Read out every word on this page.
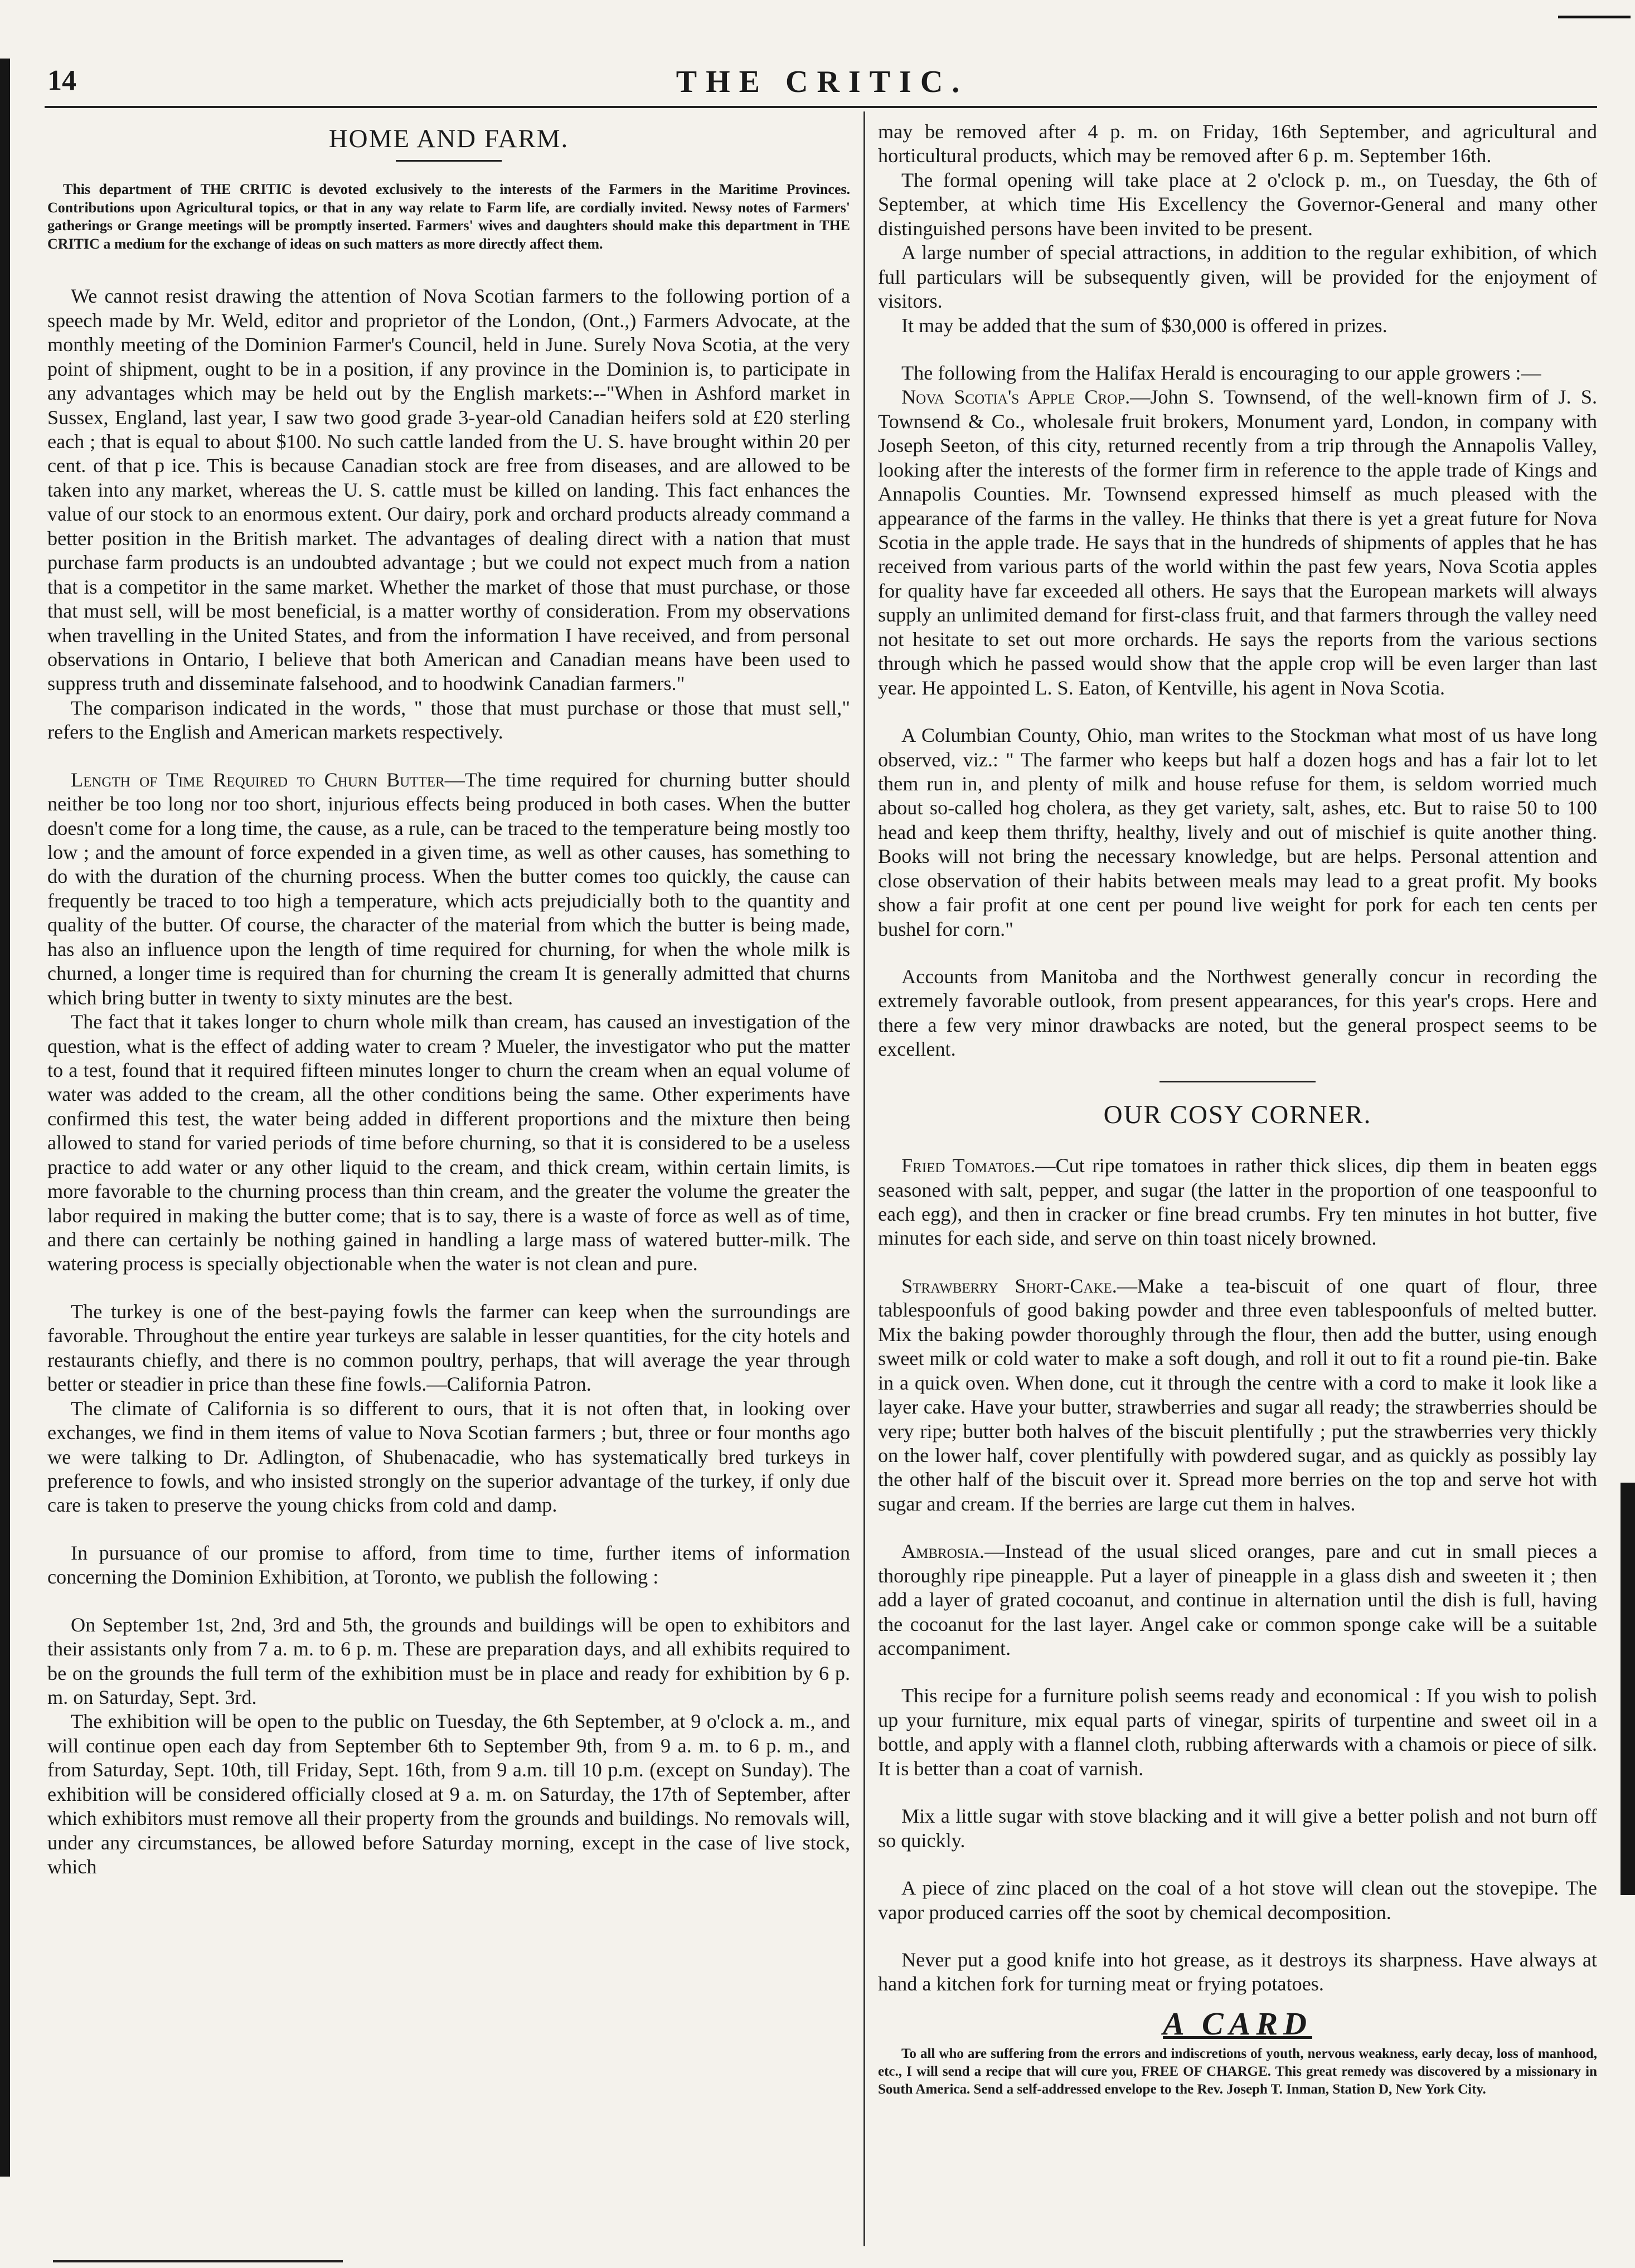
14	THE CRITIC.
HOME AND FARM.

This department of THE CRITIC is devoted exclusively to the interests of the Farmers in the Maritime Provinces. Contributions upon Agricultural topics, or that in any way relate to Farm life, are cordially invited. Newsy notes of Farmers' gatherings or Grange meetings will be promptly inserted. Farmers' wives and daughters should make this department in THE CRITIC a medium for the exchange of ideas on such matters as more directly affect them.

We cannot resist drawing the attention of Nova Scotian farmers to the following portion of a speech made by Mr. Weld, editor and proprietor of the London, (Ont.,) Farmers Advocate, at the monthly meeting of the Dominion Farmer's Council, held in June. Surely Nova Scotia, at the very point of shipment, ought to be in a position, if any province in the Dominion is, to participate in any advantages which may be held out by the English markets:--"When in Ashford market in Sussex, England, last year, I saw two good grade 3-year-old Canadian heifers sold at £20 sterling each ; that is equal to about $100. No such cattle landed from the U. S. have brought within 20 per cent. of that p ice. This is because Canadian stock are free from diseases, and are allowed to be taken into any market, whereas the U. S. cattle must be killed on landing. This fact enhances the value of our stock to an enormous extent. Our dairy, pork and orchard products already command a better position in the British market. The advantages of dealing direct with a nation that must purchase farm products is an undoubted advantage ; but we could not expect much from a nation that is a competitor in the same market. Whether the market of those that must purchase, or those that must sell, will be most beneficial, is a matter worthy of consideration. From my observations when travelling in the United States, and from the information I have received, and from personal observations in Ontario, I believe that both American and Canadian means have been used to suppress truth and disseminate falsehood, and to hoodwink Canadian farmers."

The comparison indicated in the words, " those that must purchase or those that must sell," refers to the English and American markets respectively.

Length of Time Required to Churn Butter—The time required for churning butter should neither be too long nor too short, injurious effects being produced in both cases. When the butter doesn't come for a long time, the cause, as a rule, can be traced to the temperature being mostly too low ; and the amount of force expended in a given time, as well as other causes, has something to do with the duration of the churning process. When the butter comes too quickly, the cause can frequently be traced to too high a temperature, which acts prejudicially both to the quantity and quality of the butter. Of course, the character of the material from which the butter is being made, has also an influence upon the length of time required for churning, for when the whole milk is churned, a longer time is required than for churning the cream It is generally admitted that churns which bring butter in twenty to sixty minutes are the best.

The fact that it takes longer to churn whole milk than cream, has caused an investigation of the question, what is the effect of adding water to cream ? Mueler, the investigator who put the matter to a test, found that it required fifteen minutes longer to churn the cream when an equal volume of water was added to the cream, all the other conditions being the same. Other experiments have confirmed this test, the water being added in different proportions and the mixture then being allowed to stand for varied periods of time before churning, so that it is considered to be a useless practice to add water or any other liquid to the cream, and thick cream, within certain limits, is more favorable to the churning process than thin cream, and the greater the volume the greater the labor required in making the butter come; that is to say, there is a waste of force as well as of time, and there can certainly be nothing gained in handling a large mass of watered butter-milk. The watering process is specially objectionable when the water is not clean and pure.

The turkey is one of the best-paying fowls the farmer can keep when the surroundings are favorable. Throughout the entire year turkeys are salable in lesser quantities, for the city hotels and restaurants chiefly, and there is no common poultry, perhaps, that will average the year through better or steadier in price than these fine fowls.—California Patron.

The climate of California is so different to ours, that it is not often that, in looking over exchanges, we find in them items of value to Nova Scotian farmers ; but, three or four months ago we were talking to Dr. Adlington, of Shubenacadie, who has systematically bred turkeys in preference to fowls, and who insisted strongly on the superior advantage of the turkey, if only due care is taken to preserve the young chicks from cold and damp.

In pursuance of our promise to afford, from time to time, further items of information concerning the Dominion Exhibition, at Toronto, we publish the following :

On September 1st, 2nd, 3rd and 5th, the grounds and buildings will be open to exhibitors and their assistants only from 7 a. m. to 6 p. m. These are preparation days, and all exhibits required to be on the grounds the full term of the exhibition must be in place and ready for exhibition by 6 p. m. on Saturday, Sept. 3rd.

The exhibition will be open to the public on Tuesday, the 6th September, at 9 o'clock a. m., and will continue open each day from September 6th to September 9th, from 9 a. m. to 6 p. m., and from Saturday, Sept. 10th, till Friday, Sept. 16th, from 9 a.m. till 10 p.m. (except on Sunday). The exhibition will be considered officially closed at 9 a. m. on Saturday, the 17th of September, after which exhibitors must remove all their property from the grounds and buildings. No removals will, under any circumstances, be allowed before Saturday morning, except in the case of live stock, which

may be removed after 4 p. m. on Friday, 16th September, and agricultural and horticultural products, which may be removed after 6 p. m. September 16th.

The formal opening will take place at 2 o'clock p. m., on Tuesday, the 6th of September, at which time His Excellency the Governor-General and many other distinguished persons have been invited to be present.

A large number of special attractions, in addition to the regular exhibition, of which full particulars will be subsequently given, will be provided for the enjoyment of visitors.

It may be added that the sum of $30,000 is offered in prizes.

The following from the Halifax Herald is encouraging to our apple growers :—

Nova Scotia's Apple Crop.—John S. Townsend, of the well-known firm of J. S. Townsend & Co., wholesale fruit brokers, Monument yard, London, in company with Joseph Seeton, of this city, returned recently from a trip through the Annapolis Valley, looking after the interests of the former firm in reference to the apple trade of Kings and Annapolis Counties. Mr. Townsend expressed himself as much pleased with the appearance of the farms in the valley. He thinks that there is yet a great future for Nova Scotia in the apple trade. He says that in the hundreds of shipments of apples that he has received from various parts of the world within the past few years, Nova Scotia apples for quality have far exceeded all others. He says that the European markets will always supply an unlimited demand for first-class fruit, and that farmers through the valley need not hesitate to set out more orchards. He says the reports from the various sections through which he passed would show that the apple crop will be even larger than last year. He appointed L. S. Eaton, of Kentville, his agent in Nova Scotia.

A Columbian County, Ohio, man writes to the Stockman what most of us have long observed, viz.: " The farmer who keeps but half a dozen hogs and has a fair lot to let them run in, and plenty of milk and house refuse for them, is seldom worried much about so-called hog cholera, as they get variety, salt, ashes, etc. But to raise 50 to 100 head and keep them thrifty, healthy, lively and out of mischief is quite another thing. Books will not bring the necessary knowledge, but are helps. Personal attention and close observation of their habits between meals may lead to a great profit. My books show a fair profit at one cent per pound live weight for pork for each ten cents per bushel for corn."

Accounts from Manitoba and the Northwest generally concur in recording the extremely favorable outlook, from present appearances, for this year's crops. Here and there a few very minor drawbacks are noted, but the general prospect seems to be excellent.

OUR COSY CORNER.

Fried Tomatoes.—Cut ripe tomatoes in rather thick slices, dip them in beaten eggs seasoned with salt, pepper, and sugar (the latter in the proportion of one teaspoonful to each egg), and then in cracker or fine bread crumbs. Fry ten minutes in hot butter, five minutes for each side, and serve on thin toast nicely browned.

Strawberry Short-Cake.—Make a tea-biscuit of one quart of flour, three tablespoonfuls of good baking powder and three even tablespoonfuls of melted butter. Mix the baking powder thoroughly through the flour, then add the butter, using enough sweet milk or cold water to make a soft dough, and roll it out to fit a round pie-tin. Bake in a quick oven. When done, cut it through the centre with a cord to make it look like a layer cake. Have your butter, strawberries and sugar all ready; the strawberries should be very ripe; butter both halves of the biscuit plentifully ; put the strawberries very thickly on the lower half, cover plentifully with powdered sugar, and as quickly as possibly lay the other half of the biscuit over it. Spread more berries on the top and serve hot with sugar and cream. If the berries are large cut them in halves.

Ambrosia.—Instead of the usual sliced oranges, pare and cut in small pieces a thoroughly ripe pineapple. Put a layer of pineapple in a glass dish and sweeten it ; then add a layer of grated cocoanut, and continue in alternation until the dish is full, having the cocoanut for the last layer. Angel cake or common sponge cake will be a suitable accompaniment.

This recipe for a furniture polish seems ready and economical : If you wish to polish up your furniture, mix equal parts of vinegar, spirits of turpentine and sweet oil in a bottle, and apply with a flannel cloth, rubbing afterwards with a chamois or piece of silk. It is better than a coat of varnish.

Mix a little sugar with stove blacking and it will give a better polish and not burn off so quickly.

A piece of zinc placed on the coal of a hot stove will clean out the stovepipe. The vapor produced carries off the soot by chemical decomposition.

Never put a good knife into hot grease, as it destroys its sharpness. Have always at hand a kitchen fork for turning meat or frying potatoes.

A CARD

To all who are suffering from the errors and indiscretions of youth, nervous weakness, early decay, loss of manhood, etc., I will send a recipe that will cure you, FREE OF CHARGE. This great remedy was discovered by a missionary in South America. Send a self-addressed envelope to the Rev. Joseph T. Inman, Station D, New York City.
